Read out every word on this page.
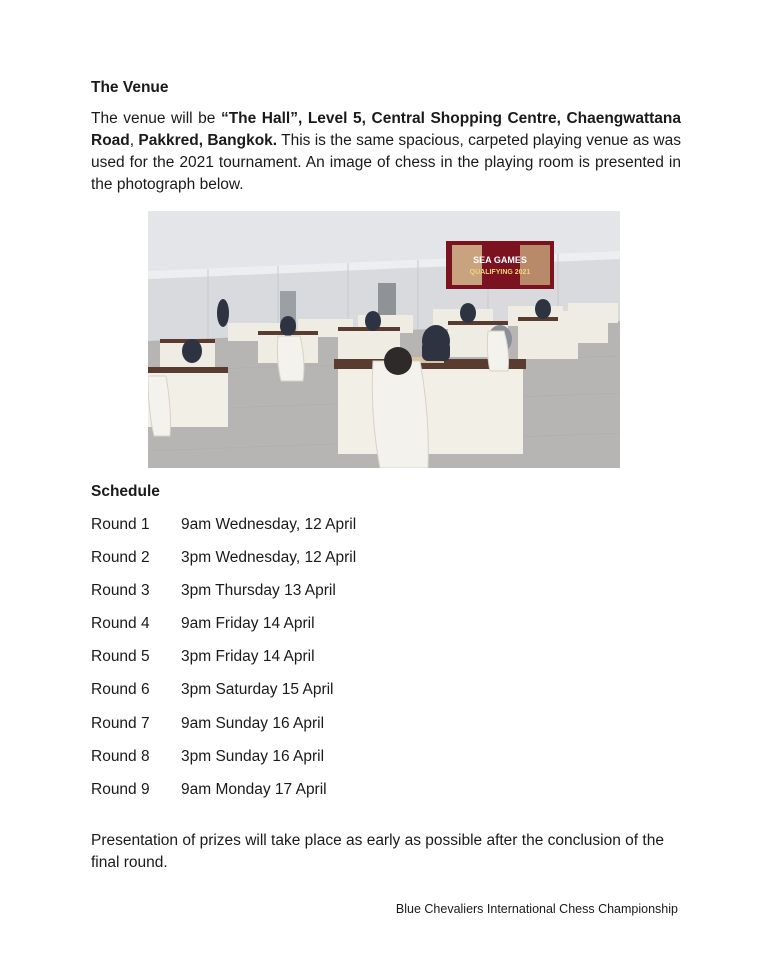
The Venue

The venue will be “The Hall”, Level 5, Central Shopping Centre, Chaengwattana Road, Pakkred, Bangkok. This is the same spacious, carpeted playing venue as was used for the 2021 tournament. An image of chess in the playing room is presented in the photograph below.

SEA GAMES
QUALIFYING 2021
Schedule
Round 1	9am Wednesday, 12 April
Round 2	3pm Wednesday, 12 April
Round 3	3pm Thursday 13 April
Round 4	9am Friday 14 April
Round 5	3pm Friday 14 April
Round 6	3pm Saturday 15 April
Round 7	9am Sunday 16 April
Round 8	3pm Sunday 16 April
Round 9	9am Monday 17 April

Presentation of prizes will take place as early as possible after the conclusion of the final round.

Blue Chevaliers International Chess Championship
